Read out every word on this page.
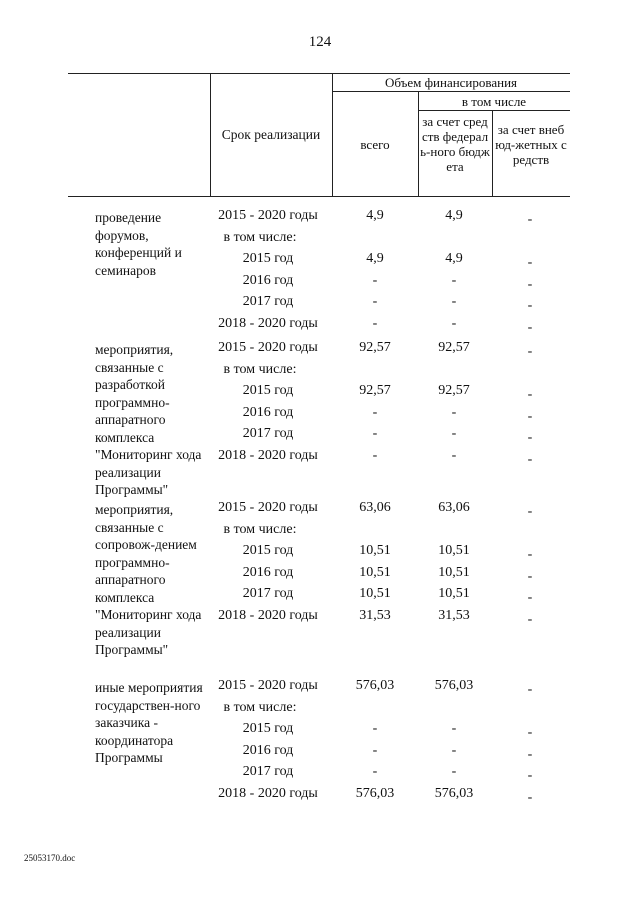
124
Срок реализации
Объем финансирования
в том числе
всего
за счет средств федераль-ного бюджета
за счет внебюд-жетных средств
проведение форумов, конференций и семинаров
2015 - 2020 годы	4,9	4,9	-
в том числе:
2015 год	4,9	4,9	-
2016 год	-	-	-
2017 год	-	-	-
2018 - 2020 годы	-	-	-
мероприятия, связанные с разработкой программно-аппаратного комплекса "Мониторинг хода реализации Программы"
2015 - 2020 годы	92,57	92,57	-
в том числе:
2015 год	92,57	92,57	-
2016 год	-	-	-
2017 год	-	-	-
2018 - 2020 годы	-	-	-
мероприятия, связанные с сопровож-дением программно-аппаратного комплекса "Мониторинг хода реализации Программы"
2015 - 2020 годы	63,06	63,06	-
в том числе:
2015 год	10,51	10,51	-
2016 год	10,51	10,51	-
2017 год	10,51	10,51	-
2018 - 2020 годы	31,53	31,53	-
иные мероприятия государствен-ного заказчика - координатора Программы
2015 - 2020 годы	576,03	576,03	-
в том числе:
2015 год	-	-	-
2016 год	-	-	-
2017 год	-	-	-
2018 - 2020 годы	576,03	576,03	-
25053170.doc
